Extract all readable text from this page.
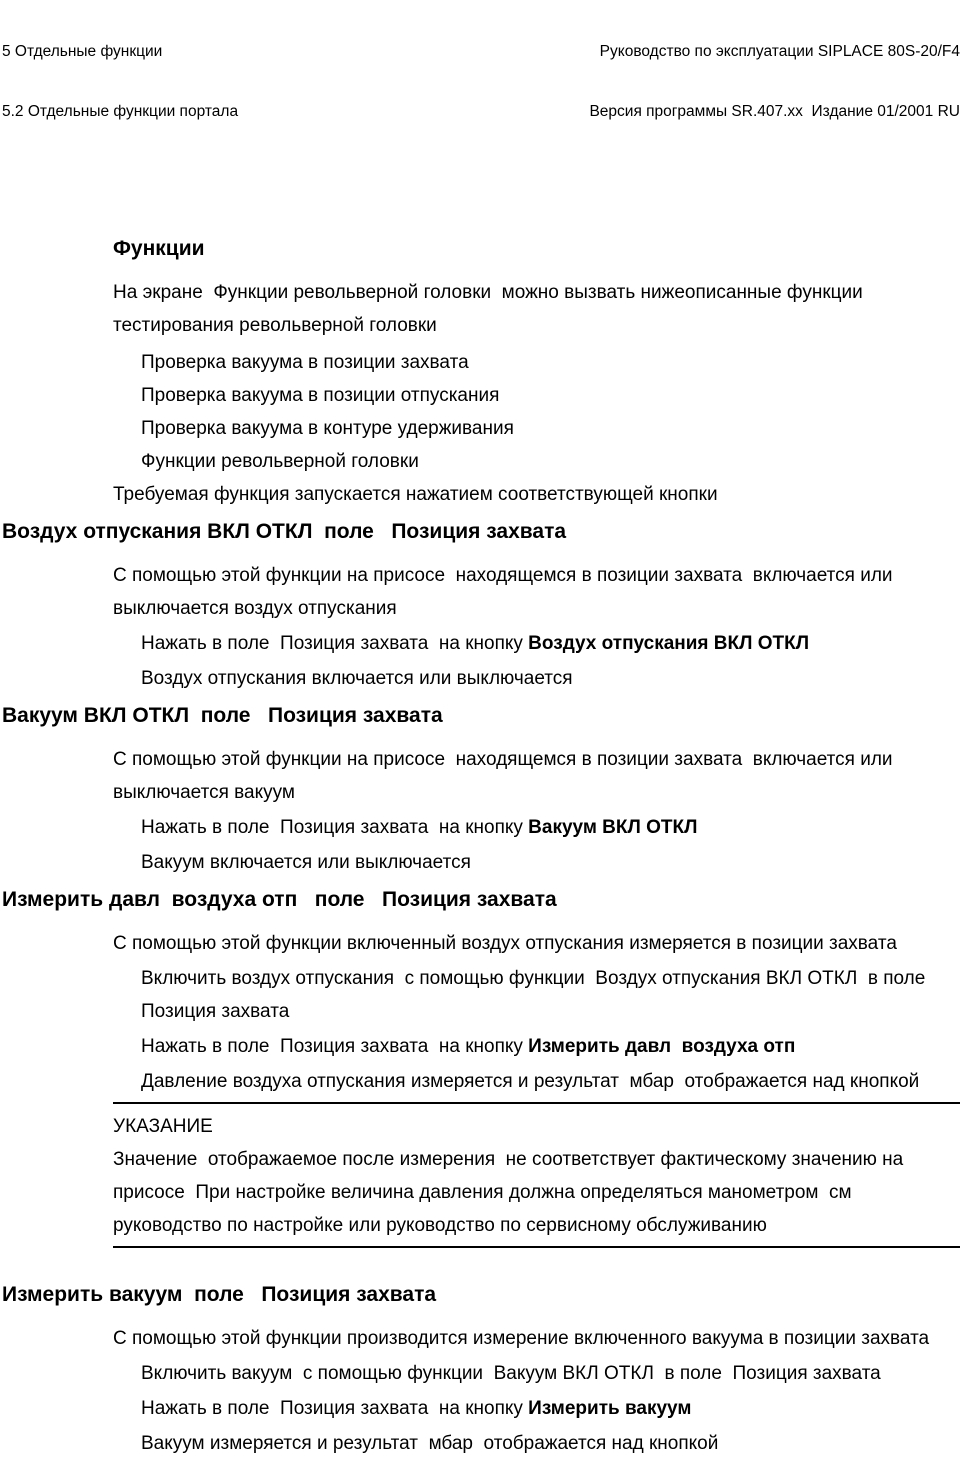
5 Отдельные функции

5.2 Отдельные функции портала

Руководство по эксплуатации SIPLACE 80S-20/F4

Версия программы SR.407.xx  Издание 01/2001 RU

Функции

На экране  Функции револьверной головки  можно вызвать нижеописанные функции тестирования револьверной головки

Проверка вакуума в позиции захвата
Проверка вакуума в позиции отпускания
Проверка вакуума в контуре удерживания
Функции револьверной головки

Требуемая функция запускается нажатием соответствующей кнопки

Воздух отпускания ВКЛ ОТКЛ  поле   Позиция захвата

С помощью этой функции на присосе  находящемся в позиции захвата  включается или выключается воздух отпускания

Нажать в поле  Позиция захвата  на кнопку Воздух отпускания ВКЛ ОТКЛ

Воздух отпускания включается или выключается

Вакуум ВКЛ ОТКЛ  поле   Позиция захвата

С помощью этой функции на присосе  находящемся в позиции захвата  включается или выключается вакуум

Нажать в поле  Позиция захвата  на кнопку Вакуум ВКЛ ОТКЛ

Вакуум включается или выключается

Измерить давл  воздуха отп   поле   Позиция захвата

С помощью этой функции включенный воздух отпускания измеряется в позиции захвата

Включить воздух отпускания  с помощью функции  Воздух отпускания ВКЛ ОТКЛ  в поле  Позиция захвата

Нажать в поле  Позиция захвата  на кнопку Измерить давл  воздуха отп

Давление воздуха отпускания измеряется и результат  мбар  отображается над кнопкой

УКАЗАНИЕ

Значение  отображаемое после измерения  не соответствует фактическому значению на присосе  При настройке величина давления должна определяться манометром  см руководство по настройке или руководство по сервисному обслуживанию

Измерить вакуум  поле   Позиция захвата

С помощью этой функции производится измерение включенного вакуума в позиции захвата

Включить вакуум  с помощью функции  Вакуум ВКЛ ОТКЛ  в поле  Позиция захвата

Нажать в поле  Позиция захвата  на кнопку Измерить вакуум

Вакуум измеряется и результат  мбар  отображается над кнопкой
